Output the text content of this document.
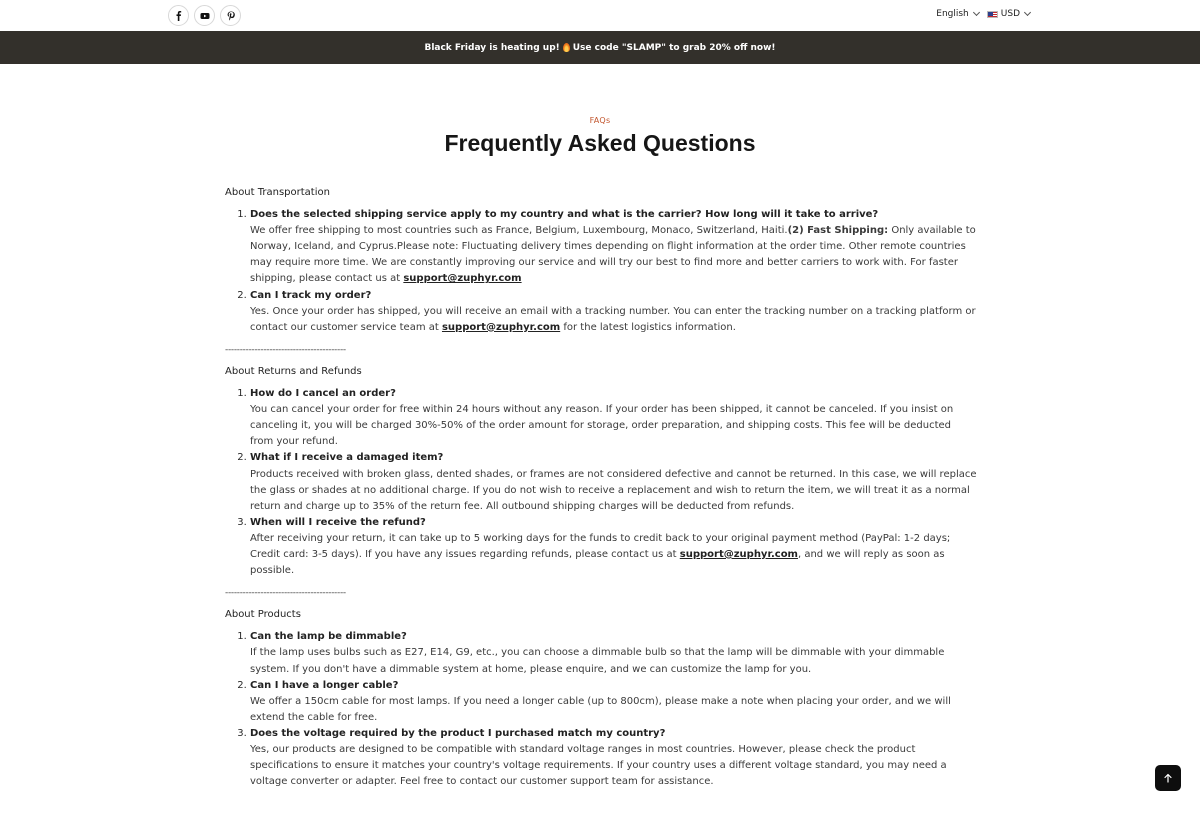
English	USD
Black Friday is heating up! Use code "SLAMP" to grab 20% off now!
FAQs
Frequently Asked Questions
About Transportation
1. Does the selected shipping service apply to my country and what is the carrier? How long will it take to arrive?
We offer free shipping to most countries such as France, Belgium, Luxembourg, Monaco, Switzerland, Haiti.(2) Fast Shipping: Only available to Norway, Iceland, and Cyprus.Please note: Fluctuating delivery times depending on flight information at the order time. Other remote countries may require more time. We are constantly improving our service and will try our best to find more and better carriers to work with. For faster shipping, please contact us at support@zuphyr.com
2. Can I track my order?
Yes. Once your order has shipped, you will receive an email with a tracking number. You can enter the tracking number on a tracking platform or contact our customer service team at support@zuphyr.com for the latest logistics information.
-----------------------------------------
About Returns and Refunds
1. How do I cancel an order?
You can cancel your order for free within 24 hours without any reason. If your order has been shipped, it cannot be canceled. If you insist on canceling it, you will be charged 30%-50% of the order amount for storage, order preparation, and shipping costs. This fee will be deducted from your refund.
2. What if I receive a damaged item?
Products received with broken glass, dented shades, or frames are not considered defective and cannot be returned. In this case, we will replace the glass or shades at no additional charge. If you do not wish to receive a replacement and wish to return the item, we will treat it as a normal return and charge up to 35% of the return fee. All outbound shipping charges will be deducted from refunds.
3. When will I receive the refund?
After receiving your return, it can take up to 5 working days for the funds to credit back to your original payment method (PayPal: 1-2 days; Credit card: 3-5 days). If you have any issues regarding refunds, please contact us at support@zuphyr.com, and we will reply as soon as possible.
-----------------------------------------
About Products
1. Can the lamp be dimmable?
If the lamp uses bulbs such as E27, E14, G9, etc., you can choose a dimmable bulb so that the lamp will be dimmable with your dimmable system. If you don't have a dimmable system at home, please enquire, and we can customize the lamp for you.
2. Can I have a longer cable?
We offer a 150cm cable for most lamps. If you need a longer cable (up to 800cm), please make a note when placing your order, and we will extend the cable for free.
3. Does the voltage required by the product I purchased match my country?
Yes, our products are designed to be compatible with standard voltage ranges in most countries. However, please check the product specifications to ensure it matches your country's voltage requirements. If your country uses a different voltage standard, you may need a voltage converter or adapter. Feel free to contact our customer support team for assistance.
